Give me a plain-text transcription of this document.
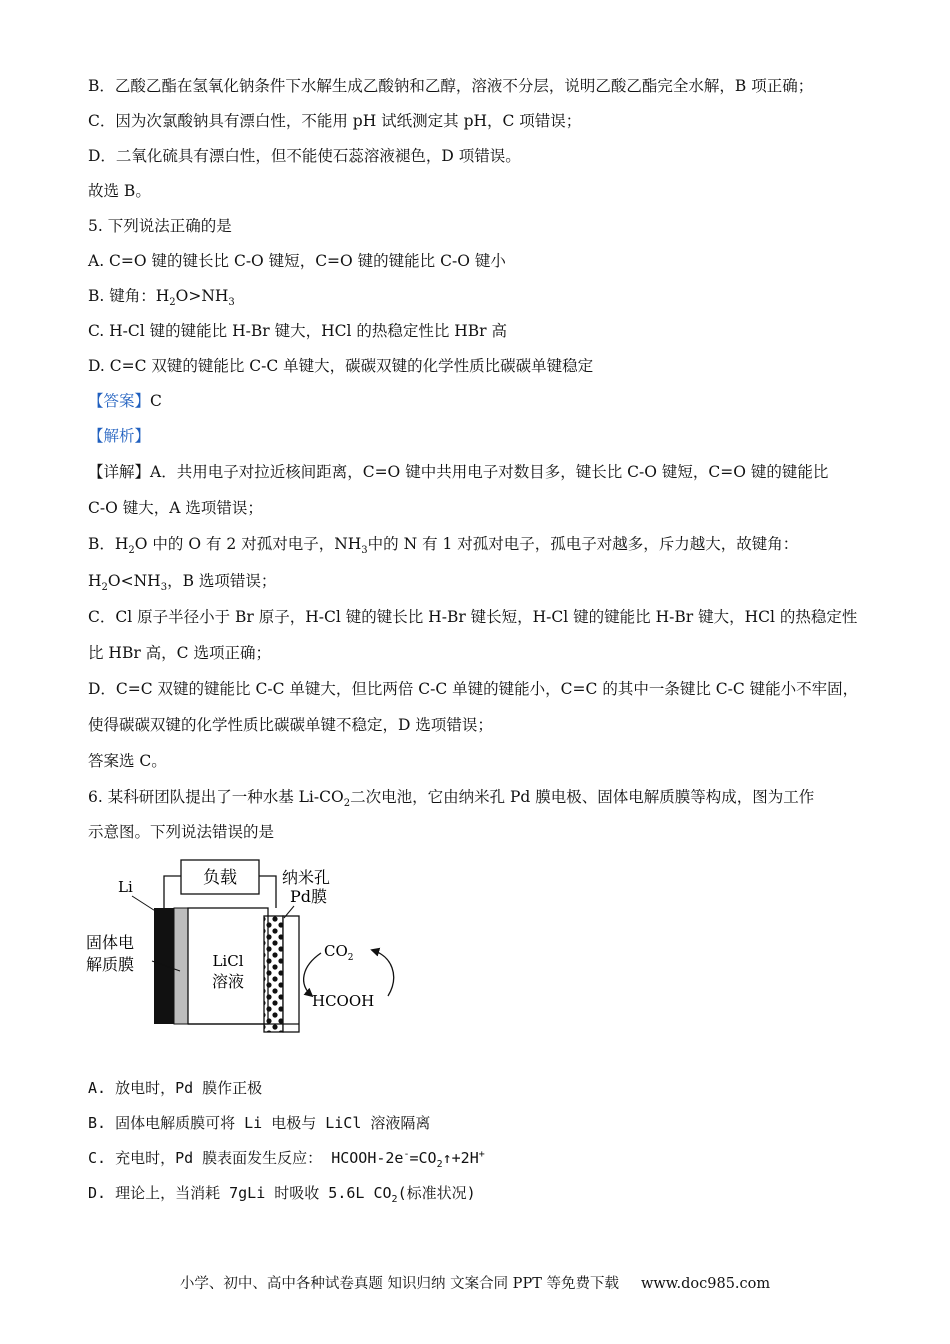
B．乙酸乙酯在氢氧化钠条件下水解生成乙酸钠和乙醇，溶液不分层，说明乙酸乙酯完全水解，B 项正确；
C．因为次氯酸钠具有漂白性，不能用 pH 试纸测定其 pH，C 项错误；
D．二氧化硫具有漂白性，但不能使石蕊溶液褪色，D 项错误。
故选 B。
5. 下列说法正确的是
A. C=O 键的键长比 C-O 键短，C=O 键的键能比 C-O 键小
B. 键角：$H_2O>NH_3$
C. H-Cl 键的键能比 H-Br 键大，HCl 的热稳定性比 HBr 高
D. C=C 双键的键能比 C-C 单键大，碳碳双键的化学性质比碳碳单键稳定
【答案】C
【解析】
【详解】A．共用电子对拉近核间距离，C=O 键中共用电子对数目多，键长比 C-O 键短，C=O 键的键能比
C-O 键大，A 选项错误；
B．$H_2O$ 中的 O 有 2 对孤对电子，$NH_3$中的 N 有 1 对孤对电子，孤电子对越多，斥力越大，故键角：
$H_2O<NH_3$，B 选项错误；
C．Cl 原子半径小于 Br 原子，H-Cl 键的键长比 H-Br 键长短，H-Cl 键的键能比 H-Br 键大，HCl 的热稳定性
比 HBr 高，C 选项正确；
D．C=C 双键的键能比 C-C 单键大，但比两倍 C-C 单键的键能小，C=C 的其中一条键比 C-C 键能小不牢固，
使得碳碳双键的化学性质比碳碳单键不稳定，D 选项错误；
答案选 C。
6. 某科研团队提出了一种水基 $Li-CO_2$二次电池，它由纳米孔 Pd 膜电极、固体电解质膜等构成，图为工作
示意图。下列说法错误的是
负载
Li
固体电
解质膜	LiCl
溶液
纳米孔
Pd膜
$CO_2$
HCOOH
A. 放电时，Pd 膜作正极
B. 固体电解质膜可将 Li 电极与 LiCl 溶液隔离
C. 充电时，Pd 膜表面发生反应： HCOOH-$2e^-=CO_2↑+2H^+$
D. 理论上，当消耗 7gLi 时吸收 5.6L $CO_2$(标准状况)
小学、初中、高中各种试卷真题 知识归纳 文案合同 PPT 等免费下载 www.doc985.com
